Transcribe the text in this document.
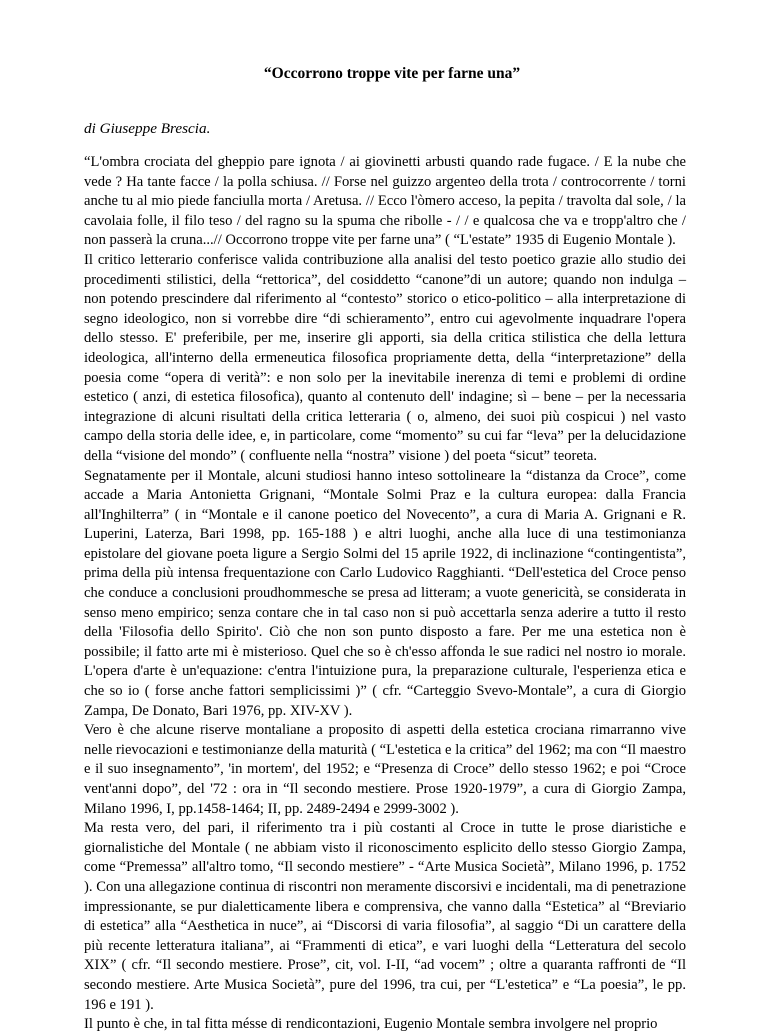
“Occorrono troppe vite per farne una”

di Giuseppe Brescia.

“L'ombra crociata del gheppio pare ignota / ai giovinetti arbusti quando rade fugace. / E la nube che vede ? Ha tante facce / la polla schiusa. // Forse nel guizzo argenteo della trota / controcorrente / torni anche tu al mio piede fanciulla morta / Aretusa. // Ecco l'òmero acceso, la pepita / travolta dal sole, / la cavolaia folle, il filo teso / del ragno su la spuma che ribolle - / / e qualcosa che va e tropp'altro che / non passerà la cruna...// Occorrono troppe vite per farne una” ( “L'estate” 1935 di Eugenio Montale ).

Il critico letterario conferisce valida contribuzione alla analisi del testo poetico grazie allo studio dei procedimenti stilistici, della “rettorica”, del cosiddetto “canone”di un autore; quando non indulga – non potendo prescindere dal riferimento al “contesto” storico o etico-politico – alla interpretazione di segno ideologico, non si vorrebbe dire “di schieramento”, entro cui agevolmente inquadrare l'opera dello stesso. E' preferibile, per me, inserire gli apporti, sia della critica stilistica che della lettura ideologica, all'interno della ermeneutica filosofica propriamente detta, della “interpretazione” della poesia come “opera di verità”: e non solo per la inevitabile inerenza di temi e problemi di ordine estetico ( anzi, di estetica filosofica), quanto al contenuto dell' indagine; sì – bene – per la necessaria integrazione di alcuni risultati della critica letteraria ( o, almeno, dei suoi più cospicui ) nel vasto campo della storia delle idee, e, in particolare, come “momento” su cui far “leva” per la delucidazione della “visione del mondo” ( confluente nella “nostra” visione ) del poeta “sicut” teoreta.

Segnatamente per il Montale, alcuni studiosi hanno inteso sottolineare la “distanza da Croce”, come accade a Maria Antonietta Grignani, “Montale Solmi Praz e la cultura europea: dalla Francia all'Inghilterra” ( in “Montale e il canone poetico del Novecento”, a cura di Maria A. Grignani e R. Luperini, Laterza, Bari 1998, pp. 165-188 ) e altri luoghi, anche alla luce di una testimonianza epistolare del giovane poeta ligure a Sergio Solmi del 15 aprile 1922, di inclinazione “contingentista”, prima della più intensa frequentazione con Carlo Ludovico Ragghianti. “Dell'estetica del Croce penso che conduce a conclusioni proudhommesche se presa ad litteram; a vuote genericità, se considerata in senso meno empirico; senza contare che in tal caso non si può accettarla senza aderire a tutto il resto della 'Filosofia dello Spirito'. Ciò che non son punto disposto a fare. Per me una estetica non è possibile; il fatto arte mi è misterioso. Quel che so è ch'esso affonda le sue radici nel nostro io morale. L'opera d'arte è un'equazione: c'entra l'intuizione pura, la preparazione culturale, l'esperienza etica e che so io ( forse anche fattori semplicissimi )” ( cfr. “Carteggio Svevo-Montale”, a cura di Giorgio Zampa, De Donato, Bari 1976, pp. XIV-XV ).

Vero è che alcune riserve montaliane a proposito di aspetti della estetica crociana rimarranno vive nelle rievocazioni e testimonianze della maturità ( “L'estetica e la critica” del 1962; ma con “Il maestro e il suo insegnamento”, 'in mortem', del 1952; e “Presenza di Croce” dello stesso 1962; e poi “Croce vent'anni dopo”, del '72 : ora in “Il secondo mestiere. Prose 1920-1979”, a cura di Giorgio Zampa, Milano 1996, I, pp.1458-1464; II, pp. 2489-2494 e 2999-3002 ).

Ma resta vero, del pari, il riferimento tra i più costanti al Croce in tutte le prose diaristiche e giornalistiche del Montale ( ne abbiam visto il riconoscimento esplicito dello stesso Giorgio Zampa, come “Premessa” all'altro tomo, “Il secondo mestiere” - “Arte Musica Società”, Milano 1996, p. 1752 ). Con una allegazione continua di riscontri non meramente discorsivi e incidentali, ma di penetrazione impressionante, se pur dialetticamente libera e comprensiva, che vanno dalla “Estetica” al “Breviario di estetica” alla “Aesthetica in nuce”, ai “Discorsi di varia filosofia”, al saggio “Di un carattere della più recente letteratura italiana”, ai “Frammenti di etica”, e vari luoghi della “Letteratura del secolo XIX” ( cfr. “Il secondo mestiere. Prose”, cit, vol. I-II, “ad vocem” ; oltre a quaranta raffronti de “Il secondo mestiere. Arte Musica Società”, pure del 1996, tra cui, per “L'estetica” e “La poesia”, le pp. 196 e 191 ).

Il punto è che, in tal fitta mésse di rendicontazioni, Eugenio Montale sembra involgere nel proprio
